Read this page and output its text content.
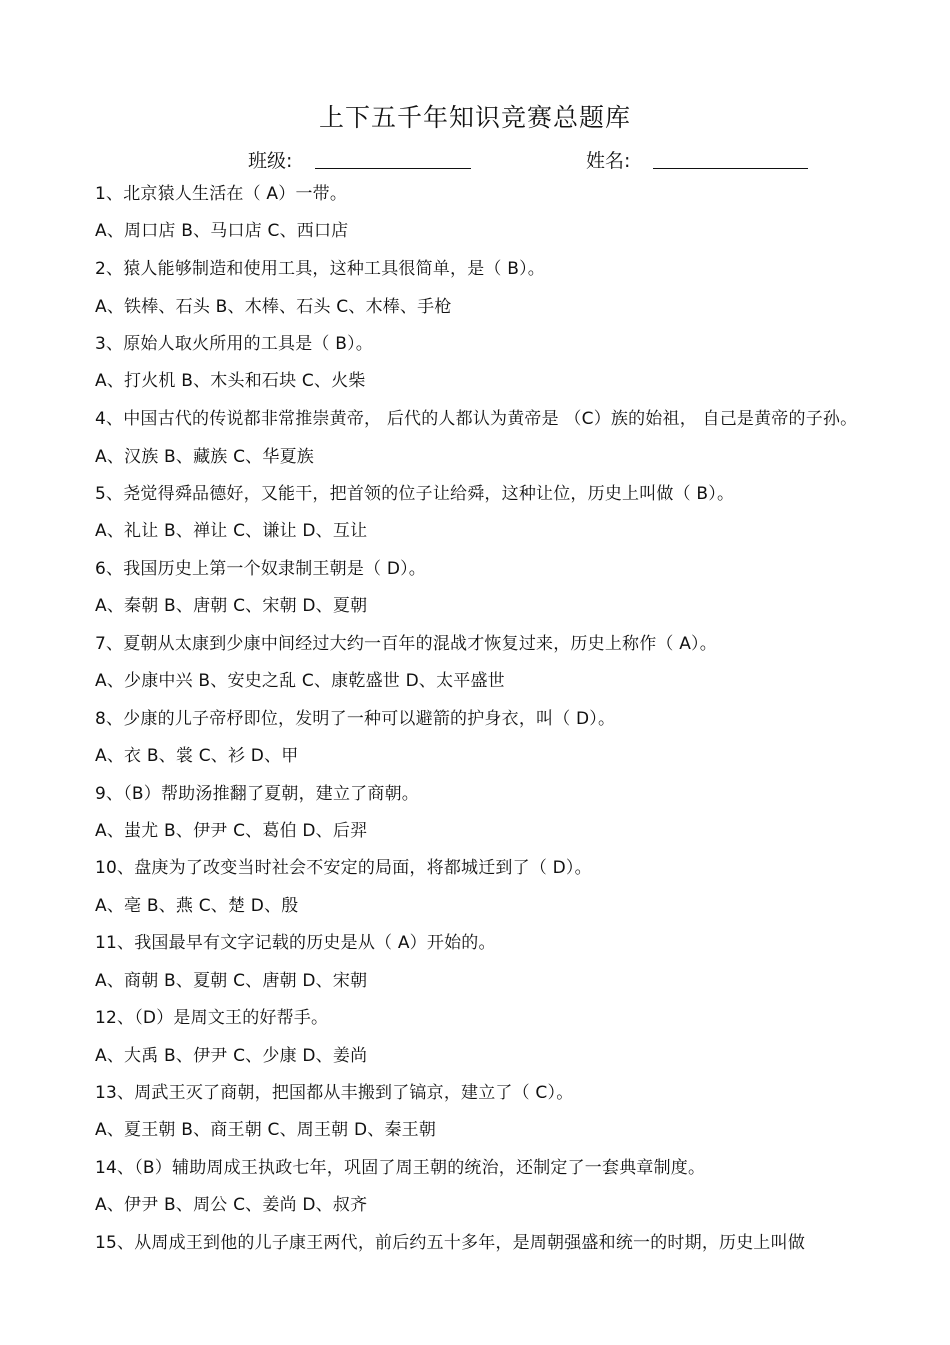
上下五千年知识竞赛总题库
班级:	姓名:
1、北京猿人生活在（ A）一带。
A、周口店 B、马口店 C、西口店
2、猿人能够制造和使用工具，这种工具很简单，是（ B）。
A、铁棒、石头 B、木棒、石头 C、木棒、手枪
3、原始人取火所用的工具是（ B）。
A、打火机 B、木头和石块 C、火柴
4、中国古代的传说都非常推崇黄帝， 后代的人都认为黄帝是 （C）族的始祖， 自己是黄帝的子孙。
A、汉族 B、藏族 C、华夏族
5、尧觉得舜品德好，又能干，把首领的位子让给舜，这种让位，历史上叫做（ B）。
A、礼让 B、禅让 C、谦让 D、互让
6、我国历史上第一个奴隶制王朝是（ D）。
A、秦朝 B、唐朝 C、宋朝 D、夏朝
7、夏朝从太康到少康中间经过大约一百年的混战才恢复过来，历史上称作（ A）。
A、少康中兴 B、安史之乱 C、康乾盛世 D、太平盛世
8、少康的儿子帝杼即位，发明了一种可以避箭的护身衣，叫（ D）。
A、衣 B、裳 C、衫 D、甲
9、（B）帮助汤推翻了夏朝，建立了商朝。
A、蚩尤 B、伊尹 C、葛伯 D、后羿
10、盘庚为了改变当时社会不安定的局面，将都城迁到了（ D）。
A、亳 B、燕 C、楚 D、殷
11、我国最早有文字记载的历史是从（ A）开始的。
A、商朝 B、夏朝 C、唐朝 D、宋朝
12、（D）是周文王的好帮手。
A、大禹 B、伊尹 C、少康 D、姜尚
13、周武王灭了商朝，把国都从丰搬到了镐京，建立了（ C）。
A、夏王朝 B、商王朝 C、周王朝 D、秦王朝
14、（B）辅助周成王执政七年，巩固了周王朝的统治，还制定了一套典章制度。
A、伊尹 B、周公 C、姜尚 D、叔齐
15、从周成王到他的儿子康王两代，前后约五十多年，是周朝强盛和统一的时期，历史上叫做
